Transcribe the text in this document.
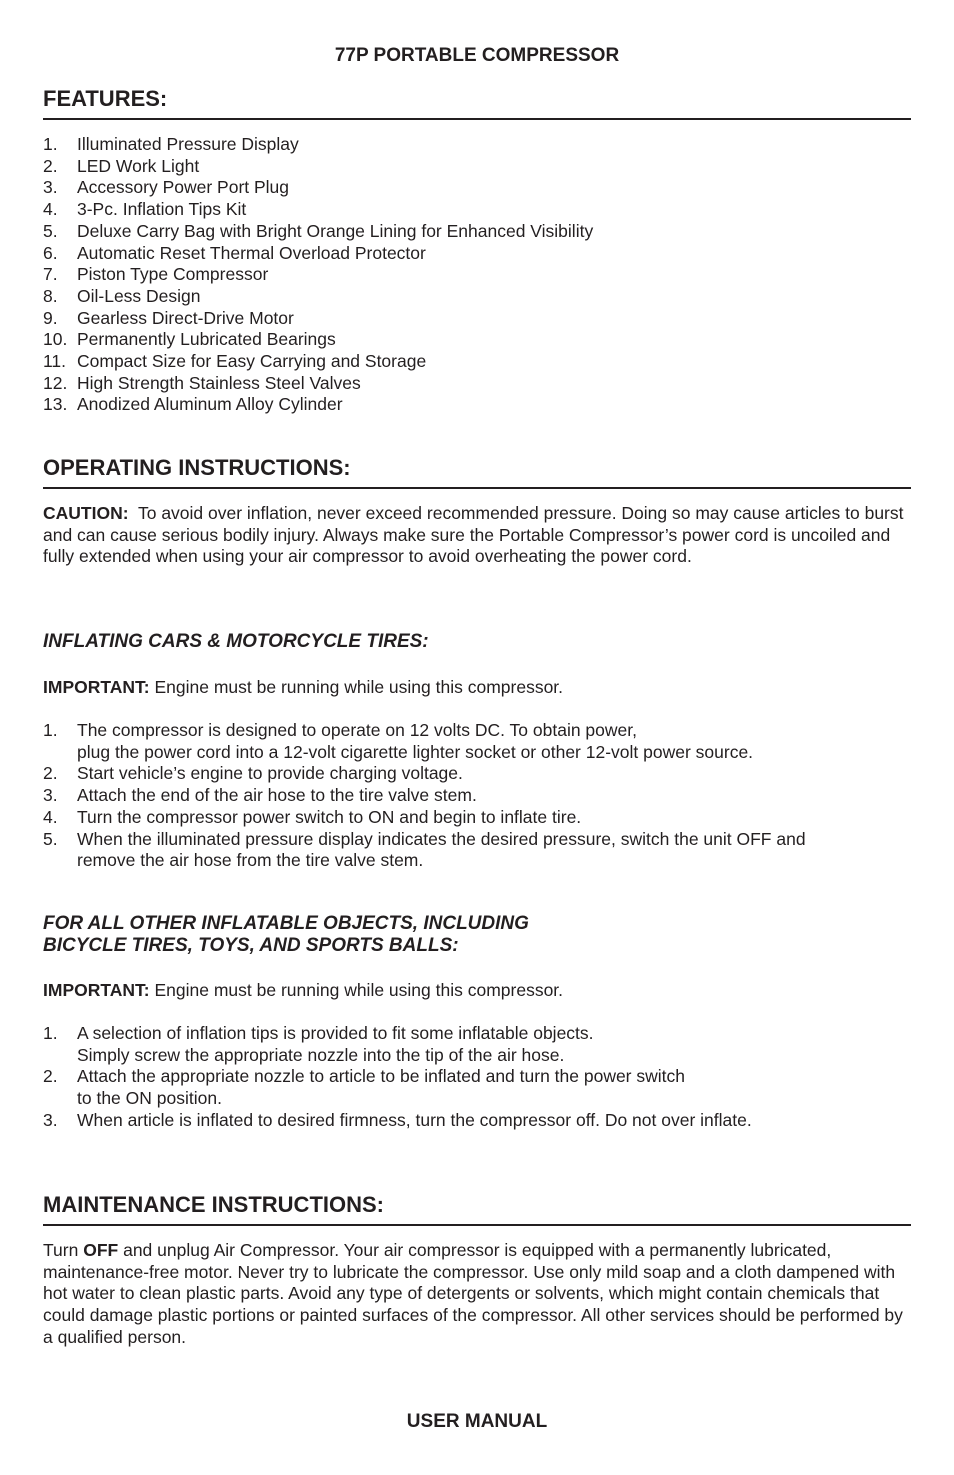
77P PORTABLE COMPRESSOR
FEATURES:
1. Illuminated Pressure Display
2. LED Work Light
3. Accessory Power Port Plug
4. 3-Pc. Inflation Tips Kit
5. Deluxe Carry Bag with Bright Orange Lining for Enhanced Visibility
6. Automatic Reset Thermal Overload Protector
7. Piston Type Compressor
8. Oil-Less Design
9. Gearless Direct-Drive Motor
10. Permanently Lubricated Bearings
11. Compact Size for Easy Carrying and Storage
12. High Strength Stainless Steel Valves
13. Anodized Aluminum Alloy Cylinder
OPERATING INSTRUCTIONS:
CAUTION: To avoid over inflation, never exceed recommended pressure. Doing so may cause articles to burst and can cause serious bodily injury. Always make sure the Portable Compressor’s power cord is uncoiled and fully extended when using your air compressor to avoid overheating the power cord.
INFLATING CARS & MOTORCYCLE TIRES:
IMPORTANT: Engine must be running while using this compressor.
1. The compressor is designed to operate on 12 volts DC. To obtain power,
plug the power cord into a 12-volt cigarette lighter socket or other 12-volt power source.
2. Start vehicle’s engine to provide charging voltage.
3. Attach the end of the air hose to the tire valve stem.
4. Turn the compressor power switch to ON and begin to inflate tire.
5. When the illuminated pressure display indicates the desired pressure, switch the unit OFF and
remove the air hose from the tire valve stem.
FOR ALL OTHER INFLATABLE OBJECTS, INCLUDING
BICYCLE TIRES, TOYS, AND SPORTS BALLS:
IMPORTANT: Engine must be running while using this compressor.
1. A selection of inflation tips is provided to fit some inflatable objects.
Simply screw the appropriate nozzle into the tip of the air hose.
2. Attach the appropriate nozzle to article to be inflated and turn the power switch
to the ON position.
3. When article is inflated to desired firmness, turn the compressor off. Do not over inflate.
MAINTENANCE INSTRUCTIONS:
Turn OFF and unplug Air Compressor. Your air compressor is equipped with a permanently lubricated, maintenance-free motor. Never try to lubricate the compressor. Use only mild soap and a cloth dampened with hot water to clean plastic parts. Avoid any type of detergents or solvents, which might contain chemicals that could damage plastic portions or painted surfaces of the compressor. All other services should be performed by a qualified person.
USER MANUAL
